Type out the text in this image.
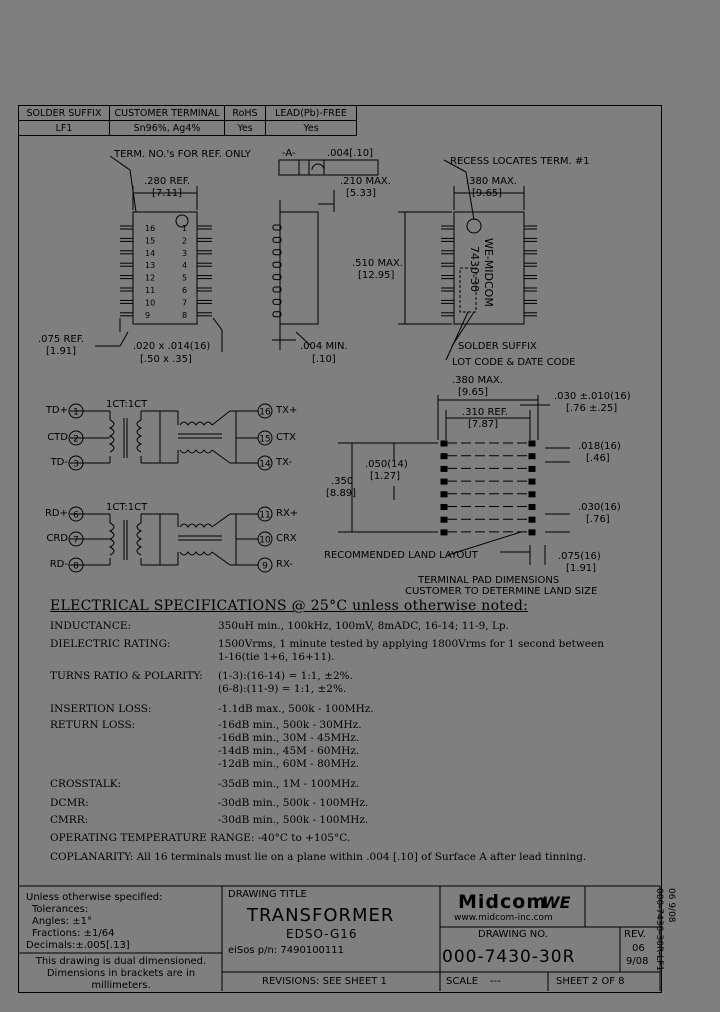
SOLDER SUFFIX	CUSTOMER TERMINAL	RoHS	LEAD(Pb)-FREE
LF1	Sn96%, Ag4%	Yes	Yes
1
2
3
16
15
14
6
7
8
11
10
9
16
15
14
13
12
11
10
9
1
2
3
4
5
6
7
8
TERM. NO.'s FOR REF. ONLY
.280 REF.
[7.11]
.075 REF.
[1.91]	.020 x .014(16)
[.50 x .35]
-A-	.004[.10]
.210 MAX.
[5.33]
.004 MIN.
[.10]
RECESS LOCATES TERM. #1
.380 MAX.
[9.65]
.510 MAX.
[12.95]	WE-MIDCOM
7430-30
SOLDER SUFFIX
LOT CODE & DATE CODE
.380 MAX.
[9.65]
.310 REF.
[7.87]
.030 ±.010(16)
[.76 ±.25]
.018(16)
[.46]
.050(14)
[1.27]
.350
[8.89]
.030(16)
[.76]
.075(16)
[1.91]
RECOMMENDED LAND LAYOUT
TERMINAL PAD DIMENSIONS
CUSTOMER TO DETERMINE LAND SIZE
1CT:1CT
1CT:1CT
TD+
CTD
TD-
TX+
CTX
TX-
RD+
CRD
RD-
RX+
CRX
RX-
ELECTRICAL SPECIFICATIONS @ 25°C unless otherwise noted:
INDUCTANCE:	350uH min., 100kHz, 100mV, 8mADC, 16-14; 11-9, Lp.
DIELECTRIC RATING:	1500Vrms, 1 minute tested by applying 1800Vrms for 1 second between
1-16(tie 1+6, 16+11).
TURNS RATIO & POLARITY: (1-3):(16-14) = 1:1, ±2%.
(6-8):(11-9) = 1:1, ±2%.
INSERTION LOSS:	-1.1dB max., 500k - 100MHz.
RETURN LOSS:	-16dB min., 500k - 30MHz.
-16dB min., 30M - 45MHz.
-14dB min., 45M - 60MHz.
-12dB min., 60M - 80MHz.
CROSSTALK:	-35dB min., 1M - 100MHz.
DCMR:	-30dB min., 500k - 100MHz.
CMRR:	-30dB min., 500k - 100MHz.
OPERATING TEMPERATURE RANGE: -40°C to +105°C.
COPLANARITY: All 16 terminals must lie on a plane within .004 [.10] of Surface A after lead tinning.
Unless otherwise specified:
Tolerances:
Angles: ±1°
Fractions: ±1/64
Decimals:±.005[.13]
This drawing is dual dimensioned.
Dimensions in brackets are in
millimeters.
DRAWING TITLE
TRANSFORMER
EDSO-G16
eiSos p/n: 7490100111
REVISIONS: SEE SHEET 1
Midcom
WE
www.midcom-inc.com
DRAWING NO.
000-7430-30R
REV.
06
9/08
SCALE ---	SHEET 2 OF 8
000-7430-30R-LF1 06 9/08
